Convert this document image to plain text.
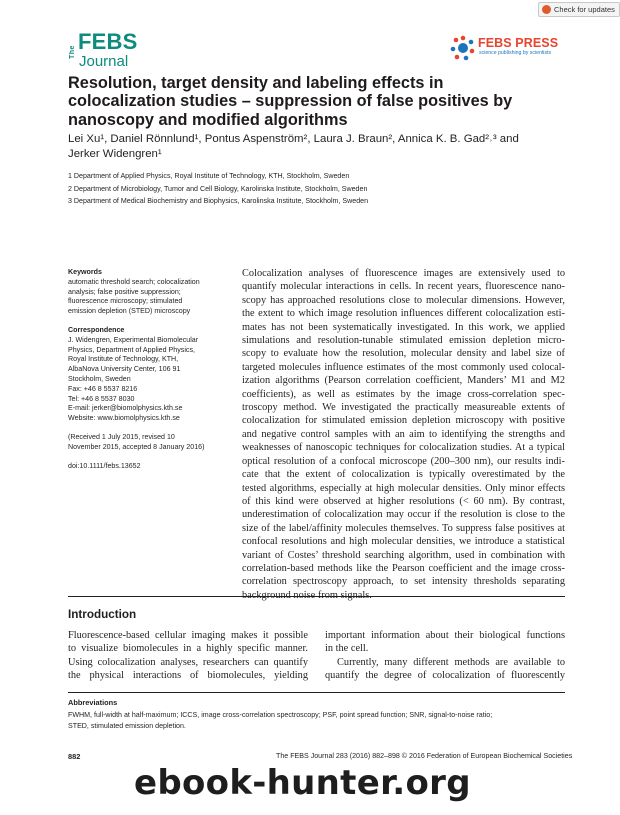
Check for updates
The FEBS
Journal
FEBS PRESS
science publishing by scientists
Resolution, target density and labeling effects in
colocalization studies – suppression of false positives by
nanoscopy and modified algorithms
Lei Xu¹, Daniel Rönnlund¹, Pontus Aspenström², Laura J. Braun², Annica K. B. Gad²˒³ and
Jerker Widengren¹
1 Department of Applied Physics, Royal Institute of Technology, KTH, Stockholm, Sweden
2 Department of Microbiology, Tumor and Cell Biology, Karolinska Institute, Stockholm, Sweden
3 Department of Medical Biochemistry and Biophysics, Karolinska Institute, Stockholm, Sweden
Keywords
automatic threshold search; colocalization
analysis; false positive suppression;
fluorescence microscopy; stimulated
emission depletion (STED) microscopy
Correspondence
J. Widengren, Experimental Biomolecular
Physics, Department of Applied Physics,
Royal Institute of Technology, KTH,
AlbaNova University Center, 106 91
Stockholm, Sweden
Fax: +46 8 5537 8216
Tel: +46 8 5537 8030
E-mail: jerker@biomolphysics.kth.se
Website: www.biomolphysics.kth.se
(Received 1 July 2015, revised 10
November 2015, accepted 8 January 2016)
doi:10.1111/febs.13652
Colocalization analyses of fluorescence images are extensively used to
quantify molecular interactions in cells. In recent years, fluorescence nano-
scopy has approached resolutions close to molecular dimensions. However,
the extent to which image resolution influences different colocalization esti-
mates has not been systematically investigated. In this work, we applied
simulations and resolution-tunable stimulated emission depletion micro-
scopy to evaluate how the resolution, molecular density and label size of
targeted molecules influence estimates of the most commonly used colocal-
ization algorithms (Pearson correlation coefficient, Manders’ M1 and M2
coefficients), as well as estimates by the image cross-correlation spec-
troscopy method. We investigated the practically measureable extents of
colocalization for stimulated emission depletion microscopy with positive
and negative control samples with an aim to identifying the strengths and
weaknesses of nanoscopic techniques for colocalization studies. At a typical
optical resolution of a confocal microscope (200–300 nm), our results indi-
cate that the extent of colocalization is typically overestimated by the
tested algorithms, especially at high molecular densities. Only minor effects
of this kind were observed at higher resolutions (< 60 nm). By contrast,
underestimation of colocalization may occur if the resolution is close to the
size of the label/affinity molecules themselves. To suppress false positives at
confocal resolutions and high molecular densities, we introduce a statistical
variant of Costes’ threshold searching algorithm, used in combination with
correlation-based methods like the Pearson coefficient and the image cross-
correlation spectroscopy approach, to set intensity thresholds separating
Introduction
Fluorescence-based cellular imaging makes it possible
to visualize biomolecules in a highly specific manner.
Using colocalization analyses, researchers can quantify
the physical interactions of biomolecules, yielding
important information about their biological functions
in the cell.
Currently, many different methods are available to
quantify the degree of colocalization of fluorescently
Abbreviations
FWHM, full-width at half-maximum; ICCS, image cross-correlation spectroscopy; PSF, point spread function; SNR, signal-to-noise ratio;
STED, stimulated emission depletion.
882	The FEBS Journal 283 (2016) 882–898 © 2016 Federation of European Biochemical Societies
ebook-hunter.org
